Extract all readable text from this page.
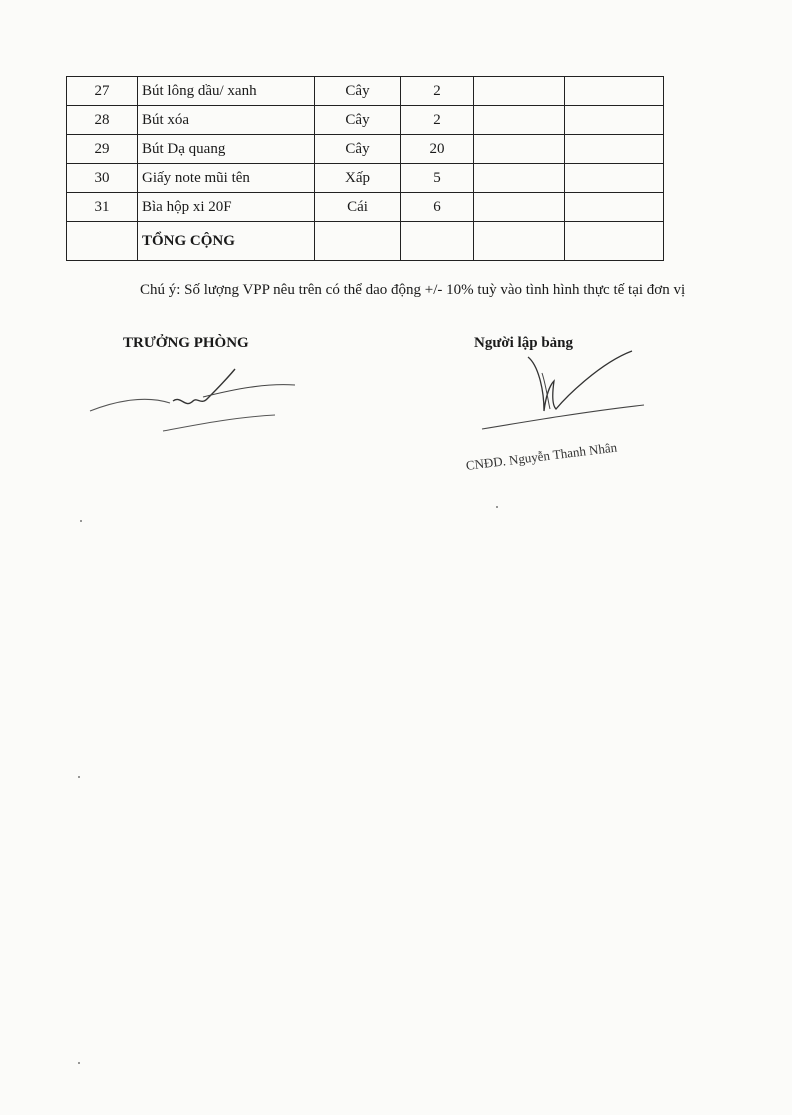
27	Bút lông dầu/ xanh	Cây	2		
28	Bút xóa	Cây	2		
29	Bút Dạ quang	Cây	20		
30	Giấy note mũi tên	Xấp	5		
31	Bìa hộp xi 20F	Cái	6		
	TỔNG CỘNG				
Chú ý: Số lượng VPP nêu trên có thể dao động +/- 10% tuỳ vào tình hình thực tế tại đơn vị
TRƯỞNG PHÒNG	Người lập bảng
CNĐD. Nguyễn Thanh Nhân
